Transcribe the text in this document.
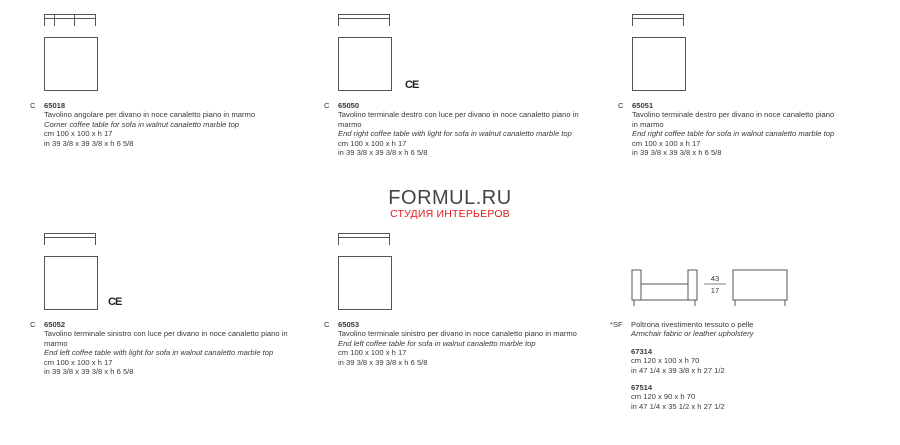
C 65018
Tavolino angolare per divano in noce canaletto piano in marmo
Corner coffee table for sofa in walnut canaletto marble top
cm 100 x 100 x h 17
in 39 3/8 x 39 3/8 x h 6 5/8
CE
C 65050
Tavolino terminale destro con luce per divano in noce canaletto piano in marmo
End right coffee table with light for sofa in walnut canaletto marble top
cm 100 x 100 x h 17
in 39 3/8 x 39 3/8 x h 6 5/8
C 65051
Tavolino terminale destro per divano in noce canaletto piano in marmo
End right coffee table for sofa in walnut canaletto marble top
cm 100 x 100 x h 17
in 39 3/8 x 39 3/8 x h 6 5/8
FORMUL.RU
СТУДИЯ ИНТЕРЬЕРОВ
CE
C 65052
Tavolino terminale sinistro con luce per divano in noce canaletto piano in marmo
End left coffee table with light for sofa in walnut canaletto marble top
cm 100 x 100 x h 17
in 39 3/8 x 39 3/8 x h 6 5/8
C 65053
Tavolino terminale sinistro per divano in noce canaletto piano in marmo
End left coffee table for sofa in walnut canaletto marble top
cm 100 x 100 x h 17
in 39 3/8 x 39 3/8 x h 6 5/8
43
17
*SF Poltrona rivestimento tessuto o pelle
Armchair fabric or leather upholstery
67314
cm 120 x 100 x h 70
in 47 1/4 x 39 3/8 x h 27 1/2
67514
cm 120 x 90 x h 70
in 47 1/4 x 35 1/2 x h 27 1/2
